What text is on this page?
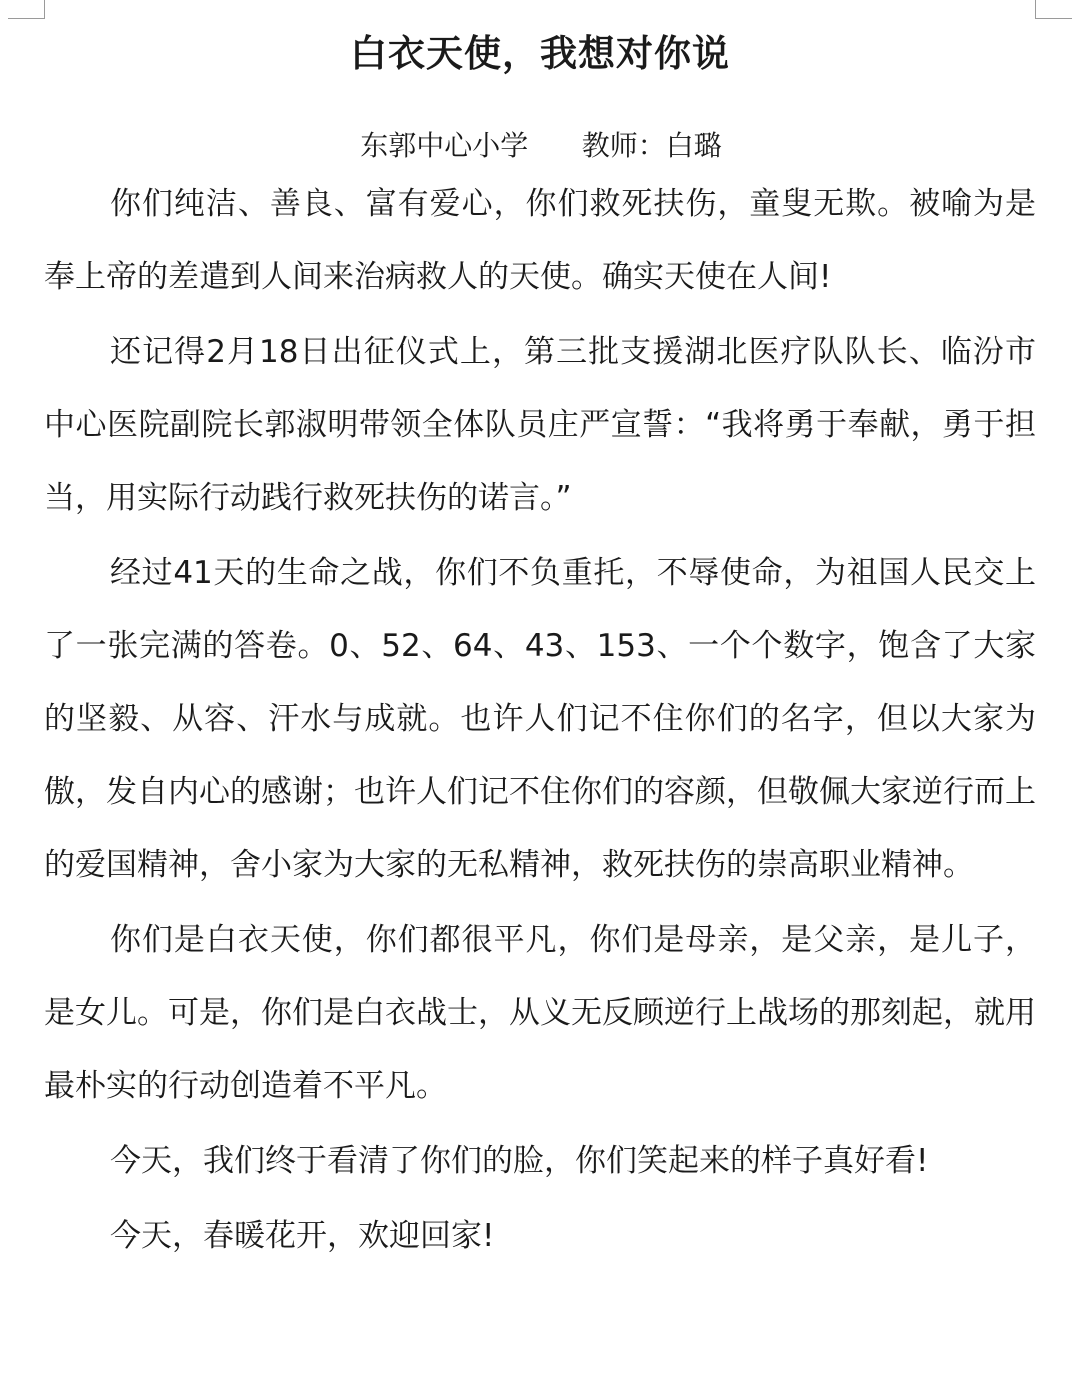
白衣天使，我想对你说
东郭中心小学      教师：白璐

你们纯洁、善良、富有爱心，你们救死扶伤，童叟无欺。被喻为是奉上帝的差遣到人间来治病救人的天使。确实天使在人间!

还记得2月18日出征仪式上，第三批支援湖北医疗队队长、临汾市中心医院副院长郭淑明带领全体队员庄严宣誓：“我将勇于奉献，勇于担当，用实际行动践行救死扶伤的诺言。”

经过41天的生命之战，你们不负重托，不辱使命，为祖国人民交上了一张完满的答卷。0、52、64、43、153、一个个数字，饱含了大家的坚毅、从容、汗水与成就。也许人们记不住你们的名字，但以大家为傲，发自内心的感谢；也许人们记不住你们的容颜，但敬佩大家逆行而上的爱国精神，舍小家为大家的无私精神，救死扶伤的崇高职业精神。

你们是白衣天使，你们都很平凡，你们是母亲，是父亲，是儿子，是女儿。可是，你们是白衣战士，从义无反顾逆行上战场的那刻起，就用最朴实的行动创造着不平凡。

今天，我们终于看清了你们的脸，你们笑起来的样子真好看!

今天，春暖花开，欢迎回家!
